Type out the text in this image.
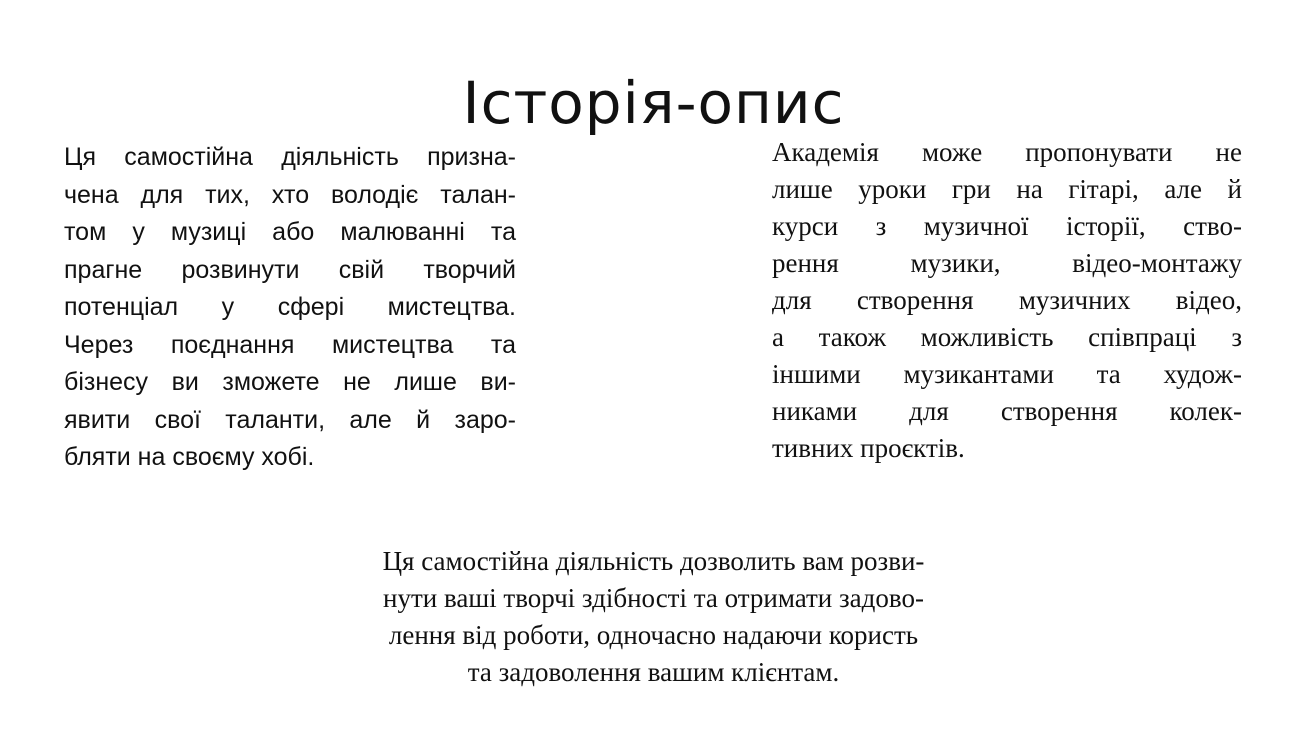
Історія-опис

Ця самостійна діяльність призна-
чена для тих, хто володіє талан-
том у музиці або малюванні та
прагне розвинути свій творчий
потенціал у сфері мистецтва.
Через поєднання мистецтва та
бізнесу ви зможете не лише ви-
явити свої таланти, але й заро-
бляти на своєму хобі.

Академія може пропонувати не
лише уроки гри на гітарі, але й
курси з музичної історії, ство-
рення музики, відео-монтажу
для створення музичних відео,
а також можливість співпраці з
іншими музикантами та худож-
никами для створення колек-
тивних проєктів.

Ця самостійна діяльність дозволить вам розви-
нути ваші творчі здібності та отримати задово-
лення від роботи, одночасно надаючи користь
та задоволення вашим клієнтам.
